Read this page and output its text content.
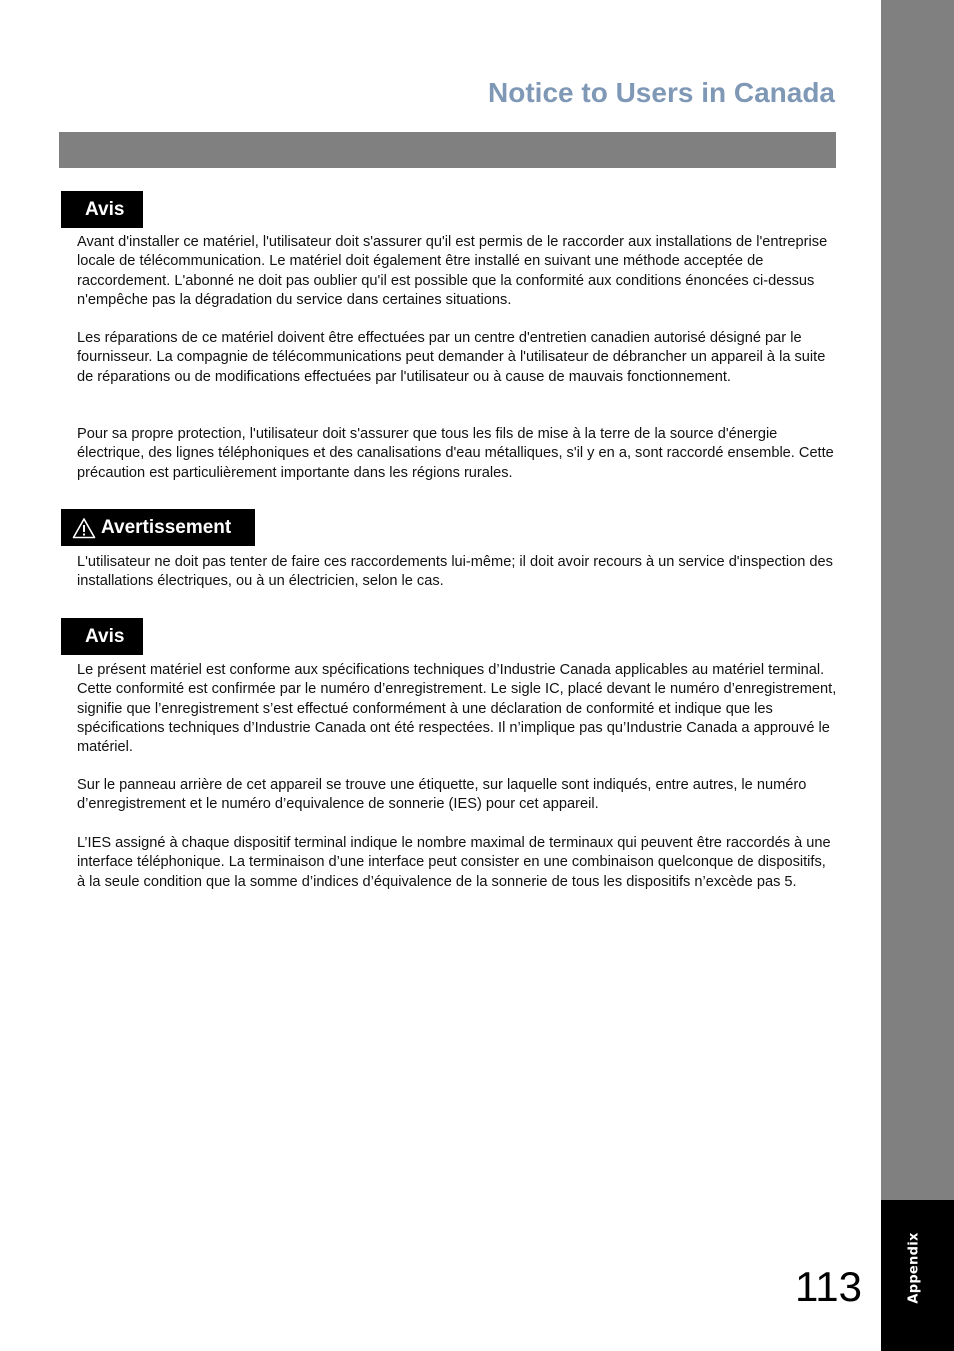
Appendix
113
Notice to Users in Canada
Avis

Avant d'installer ce matériel, l'utilisateur doit s'assurer qu'il est permis de le raccorder aux installations de l'entreprise locale de télécommunication. Le matériel doit également être installé en suivant une méthode acceptée de raccordement. L'abonné ne doit pas oublier qu'il est possible que la conformité aux conditions énoncées ci-dessus n'empêche pas la dégradation du service dans certaines situations.

Les réparations de ce matériel doivent être effectuées par un centre d'entretien canadien autorisé désigné par le fournisseur. La compagnie de télécommunications peut demander à l'utilisateur de débrancher un appareil à la suite de réparations ou de modifications effectuées par l'utilisateur ou à cause de mauvais fonctionnement.

Pour sa propre protection, l'utilisateur doit s'assurer que tous les fils de mise à la terre de la source d'énergie électrique, des lignes téléphoniques et des canalisations d'eau métalliques, s'il y en a, sont raccordé ensemble. Cette précaution est particulièrement importante dans les régions rurales.

Avertissement

L'utilisateur ne doit pas tenter de faire ces raccordements lui-même; il doit avoir recours à un service d'inspection des installations électriques, ou à un électricien, selon le cas.

Avis

Le présent matériel est conforme aux spécifications techniques d’Industrie Canada applicables au matériel terminal. Cette conformité est confirmée par le numéro d’enregistrement. Le sigle IC, placé devant le numéro d’enregistrement, signifie que l’enregistrement s’est effectué conformément à une déclaration de conformité et indique que les spécifications techniques d’Industrie Canada ont été respectées. Il n’implique pas qu’Industrie Canada a approuvé le matériel.

Sur le panneau arrière de cet appareil se trouve une étiquette, sur laquelle sont indiqués, entre autres, le numéro d’enregistrement et le numéro d’equivalence de sonnerie (IES) pour cet appareil.

L’IES assigné à chaque dispositif terminal indique le nombre maximal de terminaux qui peuvent être raccordés à une interface téléphonique. La terminaison d’une interface peut consister en une combinaison quelconque de dispositifs, à la seule condition que la somme d’indices d’équivalence de la sonnerie de tous les dispositifs n’excède pas 5.
